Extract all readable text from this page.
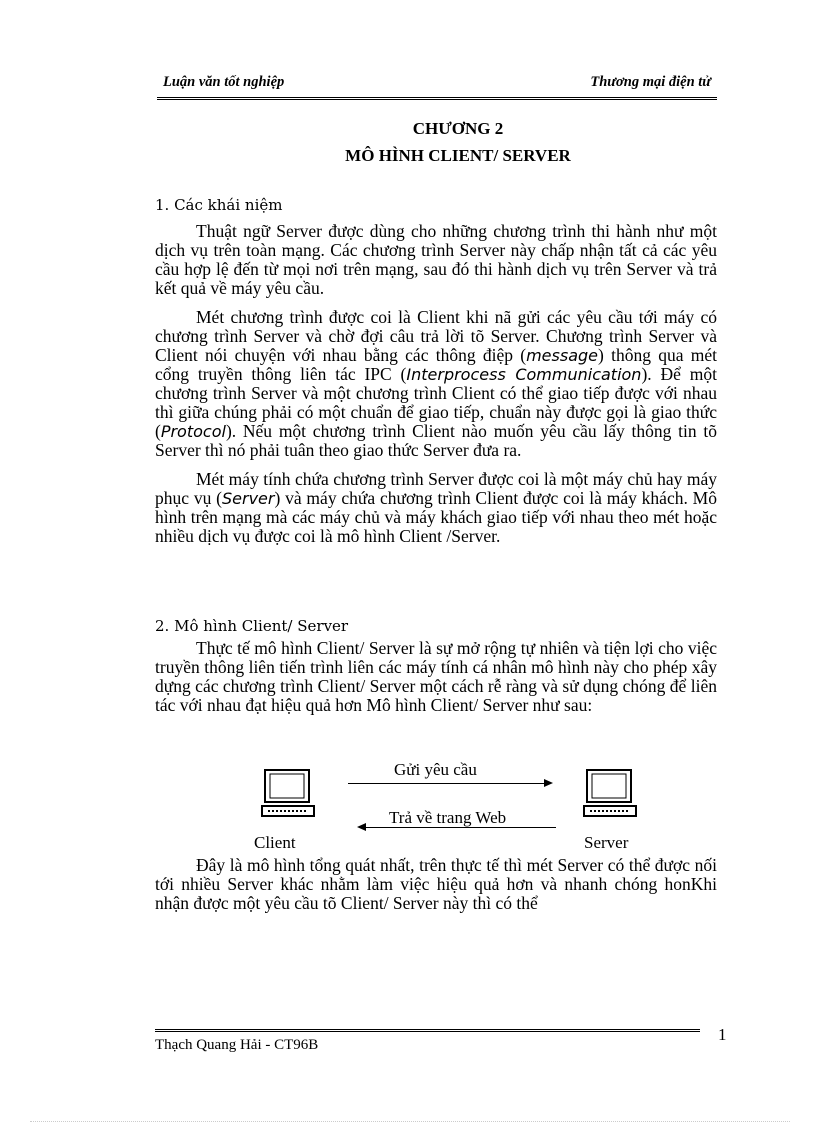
Luận văn tốt nghiệp	Thương mại điện tử
CHƯƠNG 2
MÔ HÌNH CLIENT/ SERVER
1. Các khái niệm

Thuật ngữ Server được dùng cho những chương trình thi hành như một dịch vụ trên toàn mạng. Các chương trình Server này chấp nhận tất cả các yêu cầu hợp lệ đến từ mọi nơi trên mạng, sau đó thi hành dịch vụ trên Server và trả kết quả về máy yêu cầu.

Mét chương trình được coi là Client khi nã gửi các yêu cầu tới máy có chương trình Server và chờ đợi câu trả lời tõ Server. Chương trình Server và Client nói chuyện với nhau bằng các thông điệp (message) thông qua mét cổng truyền thông liên tác IPC (Interprocess Communication). Để một chương trình Server và một chương trình Client có thể giao tiếp được với nhau thì giữa chúng phải có một chuẩn để giao tiếp, chuẩn này được gọi là giao thức (Protocol). Nếu một chương trình Client nào muốn yêu cầu lấy thông tin tõ Server thì nó phải tuân theo giao thức Server đưa ra.

Mét máy tính chứa chương trình Server được coi là một máy chủ hay máy phục vụ (Server) và máy chứa chương trình Client được coi là máy khách. Mô hình trên mạng mà các máy chủ và máy khách giao tiếp với nhau theo mét hoặc nhiều dịch vụ được coi là mô hình Client /Server.

2. Mô hình Client/ Server

Thực tế mô hình Client/ Server là sự mở rộng tự nhiên và tiện lợi cho việc truyền thông liên tiến trình liên các máy tính cá nhân mô hình này cho phép xây dựng các chương trình Client/ Server một cách rễ ràng và sử dụng chóng để liên tác với nhau đạt hiệu quả hơn Mô hình Client/ Server như sau:

Gửi yêu cầu
Trả về trang Web
Client	Server

Đây là mô hình tổng quát nhất, trên thực tế thì mét Server có thể được nối tới nhiều Server khác nhằm làm việc hiệu quả hơn và nhanh chóng honKhi nhận được một yêu cầu tõ Client/ Server này thì có thể

1
Thạch Quang Hải - CT96B
